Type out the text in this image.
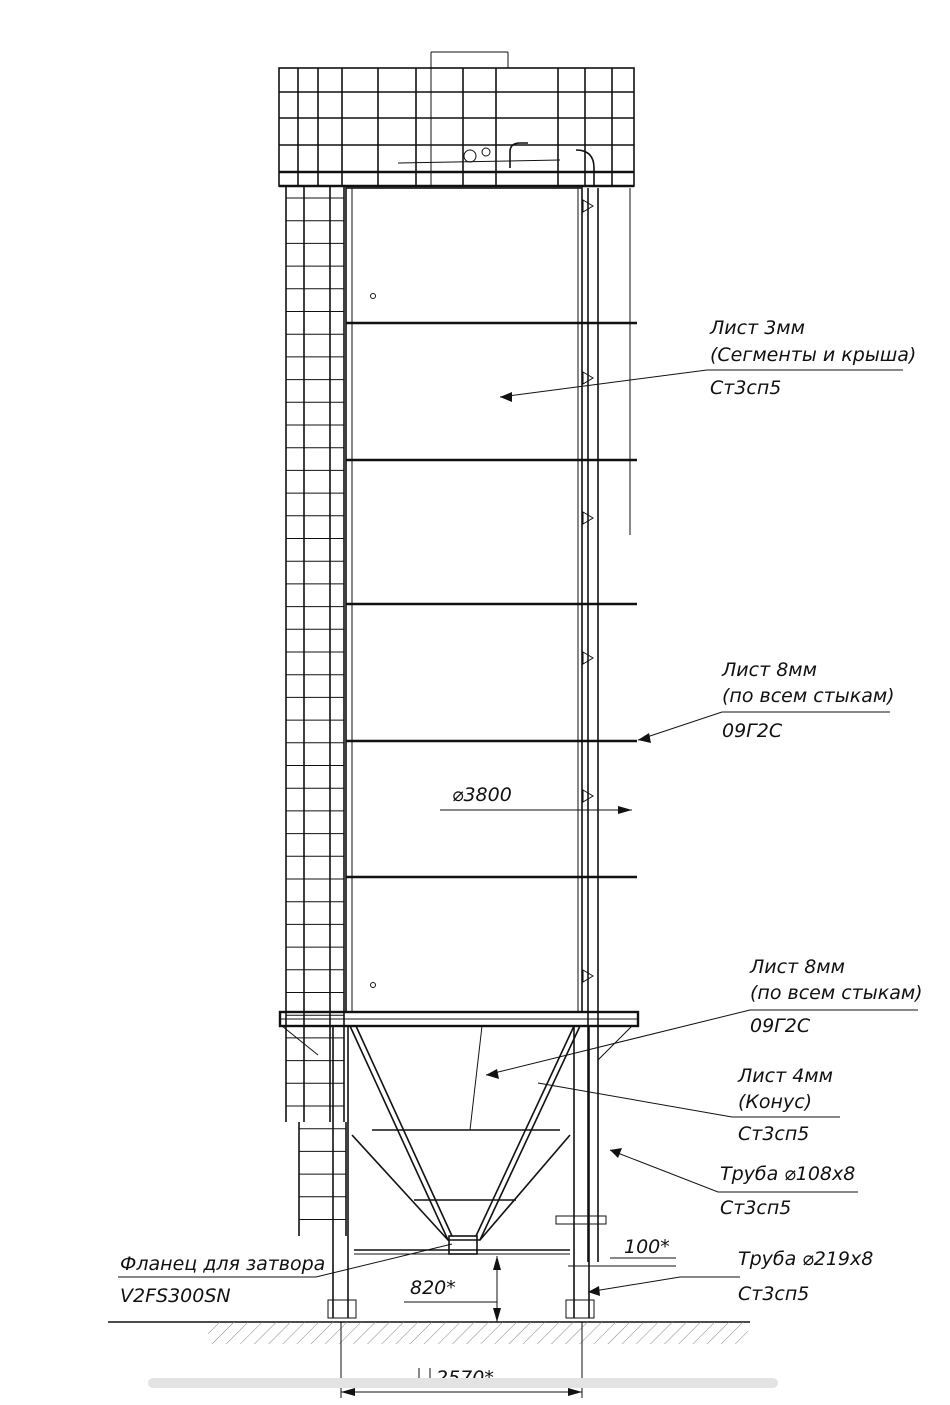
Лист 3мм
(Сегменты и крыша)
Ст3сп5
Лист 8мм
(по всем стыкам)
09Г2С
Лист 8мм
(по всем стыкам)
09Г2С
Лист 4мм
(Конус)
Ст3сп5
Труба ⌀108х8
Ст3сп5
Труба ⌀219х8
Ст3сп5
Фланец для затвора
V2FS300SN
⌀3800
820*
100*
